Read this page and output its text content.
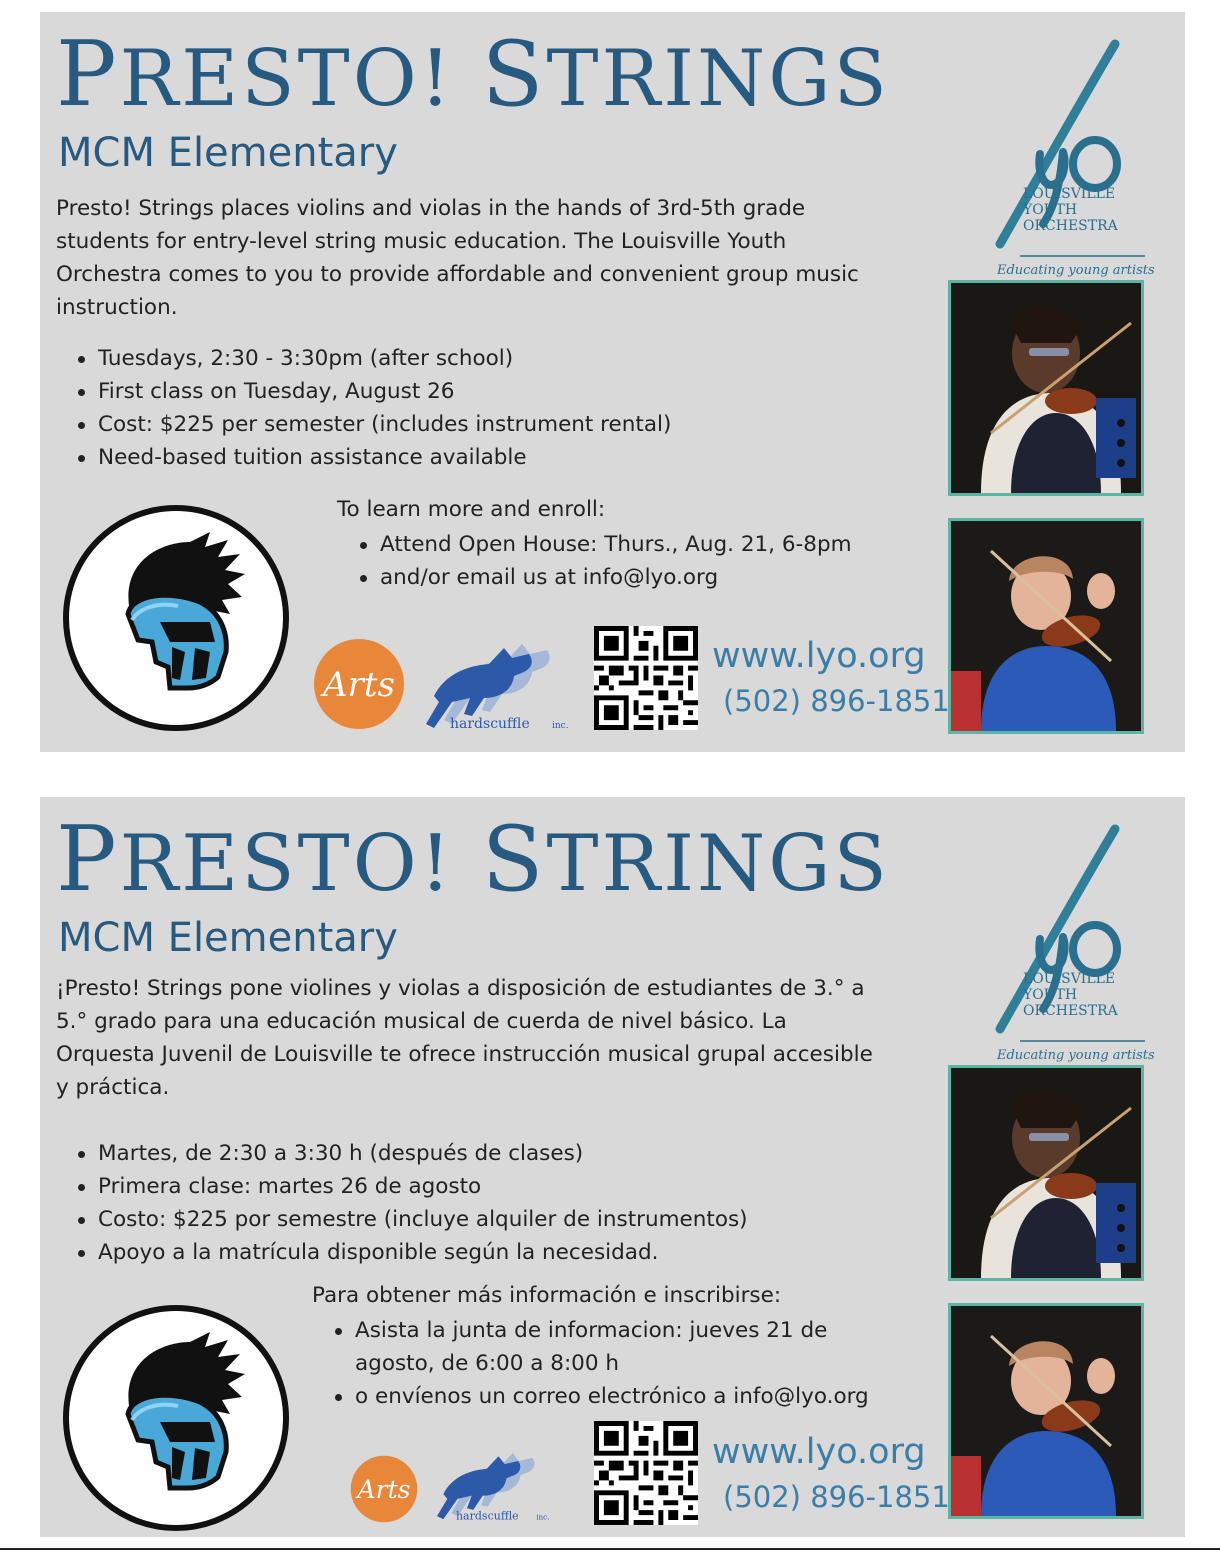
PRESTO! STRINGS
MCM Elementary

Presto! Strings places violins and violas in the hands of 3rd-5th grade students for entry-level string music education. The Louisville Youth Orchestra comes to you to provide affordable and convenient group music instruction.

Tuesdays, 2:30 - 3:30pm (after school)
First class on Tuesday, August 26
Cost: $225 per semester (includes instrument rental)
Need-based tuition assistance available
To learn more and enroll:
Attend Open House: Thurs., Aug. 21, 6-8pm
and/or email us at info@lyo.org
Arts
hardscuffle inc.
www.lyo.org
(502) 896-1851
LOUISVILLE
YOUTH
ORCHESTRA
Educating young artists
PRESTO! STRINGS
MCM Elementary

¡Presto! Strings pone violines y violas a disposición de estudiantes de 3.° a 5.° grado para una educación musical de cuerda de nivel básico. La Orquesta Juvenil de Louisville te ofrece instrucción musical grupal accesible y práctica.

Martes, de 2:30 a 3:30 h (después de clases)
Primera clase: martes 26 de agosto
Costo: $225 por semestre (incluye alquiler de instrumentos)
Apoyo a la matrícula disponible según la necesidad.
Para obtener más información e inscribirse:
Asista la junta de informacion: jueves 21 de
agosto, de 6:00 a 8:00 h
o envíenos un correo electrónico a info@lyo.org
Arts
hardscuffle inc.
www.lyo.org
(502) 896-1851
LOUISVILLE
YOUTH
ORCHESTRA
Educating young artists
